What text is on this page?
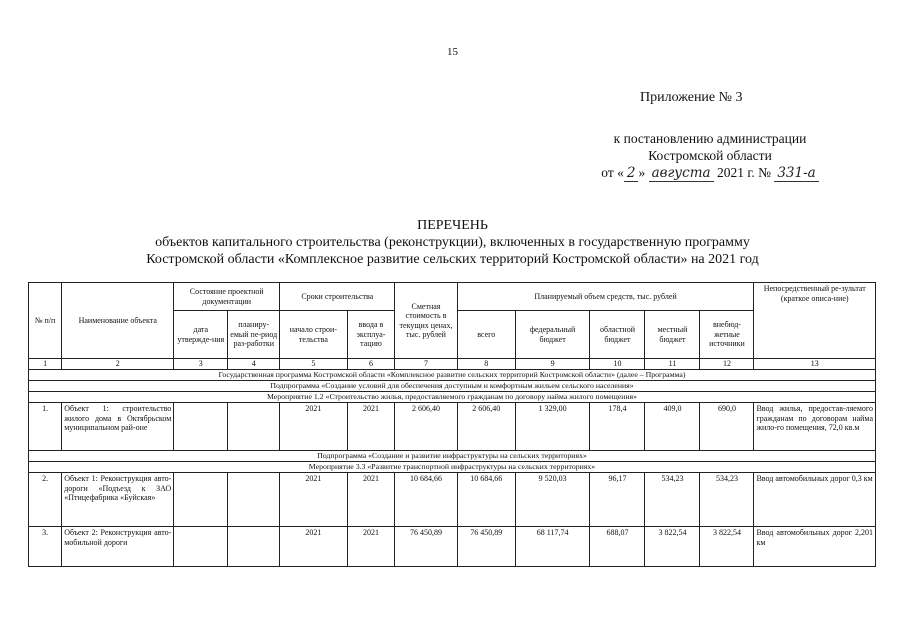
15
Приложение № 3
к постановлению администрации
Костромской области
от « 2 » августа 2021 г. № 331-а
ПЕРЕЧЕНЬ
объектов капитального строительства (реконструкции), включенных в государственную программу
Костромской области «Комплексное развитие сельских территорий Костромской области» на 2021 год
№ п/п	Наименование объекта	Состояние проектной документации		Сроки строительства		Сметная стоимость в текущих ценах, тыс. рублей	Планируемый объем средств, тыс. рублей					Непосредственный ре-зультат (краткое описа-ние)
		дата утвержде-ния	планиру-емый пе-риод раз-работки	начало строи-тельства	ввода в эксплуа-тацию		всего	федеральный бюджет	областной бюджет	местный бюджет	внебюд-жетные источники	
1	2	3	4	5	6	7	8	9	10	11	12	13
Государственная программа Костромской области «Комплексное развитие сельских территорий Костромской области» (далее – Программа)												
Подпрограмма «Создание условий для обеспечения доступным и комфортным жильем сельского населения»												
Мероприятие 1.2 «Строительство жилья, предоставляемого гражданам по договору найма жилого помещения»												
1.	Объект 1: строительство жилого дома в Октябрьском муниципальном рай-оне			2021	2021	2 606,40	2 606,40	1 329,00	178,4	409,0	690,0	Ввод жилья, предостав-ляемого гражданам по договорам найма жило-го помещения, 72,0 кв.м
Подпрограмма «Создание и развитие инфраструктуры на сельских территориях»												
Мероприятие 3.3 «Развитие транспортной инфраструктуры на сельских территориях»												
2.	Объект 1: Реконструкция авто-дороги «Подъезд к ЗАО «Птицефабрика «Буйская»			2021	2021	10 684,66	10 684,66	9 520,03	96,17	534,23	534,23	Ввод автомобильных дорог 0,3 км
3.	Объект 2: Реконструкция авто-мобильной дороги			2021	2021	76 450,89	76 450,89	68 117,74	688,07	3 822,54	3 822,54	Ввод автомобильных дорог 2,201 км
